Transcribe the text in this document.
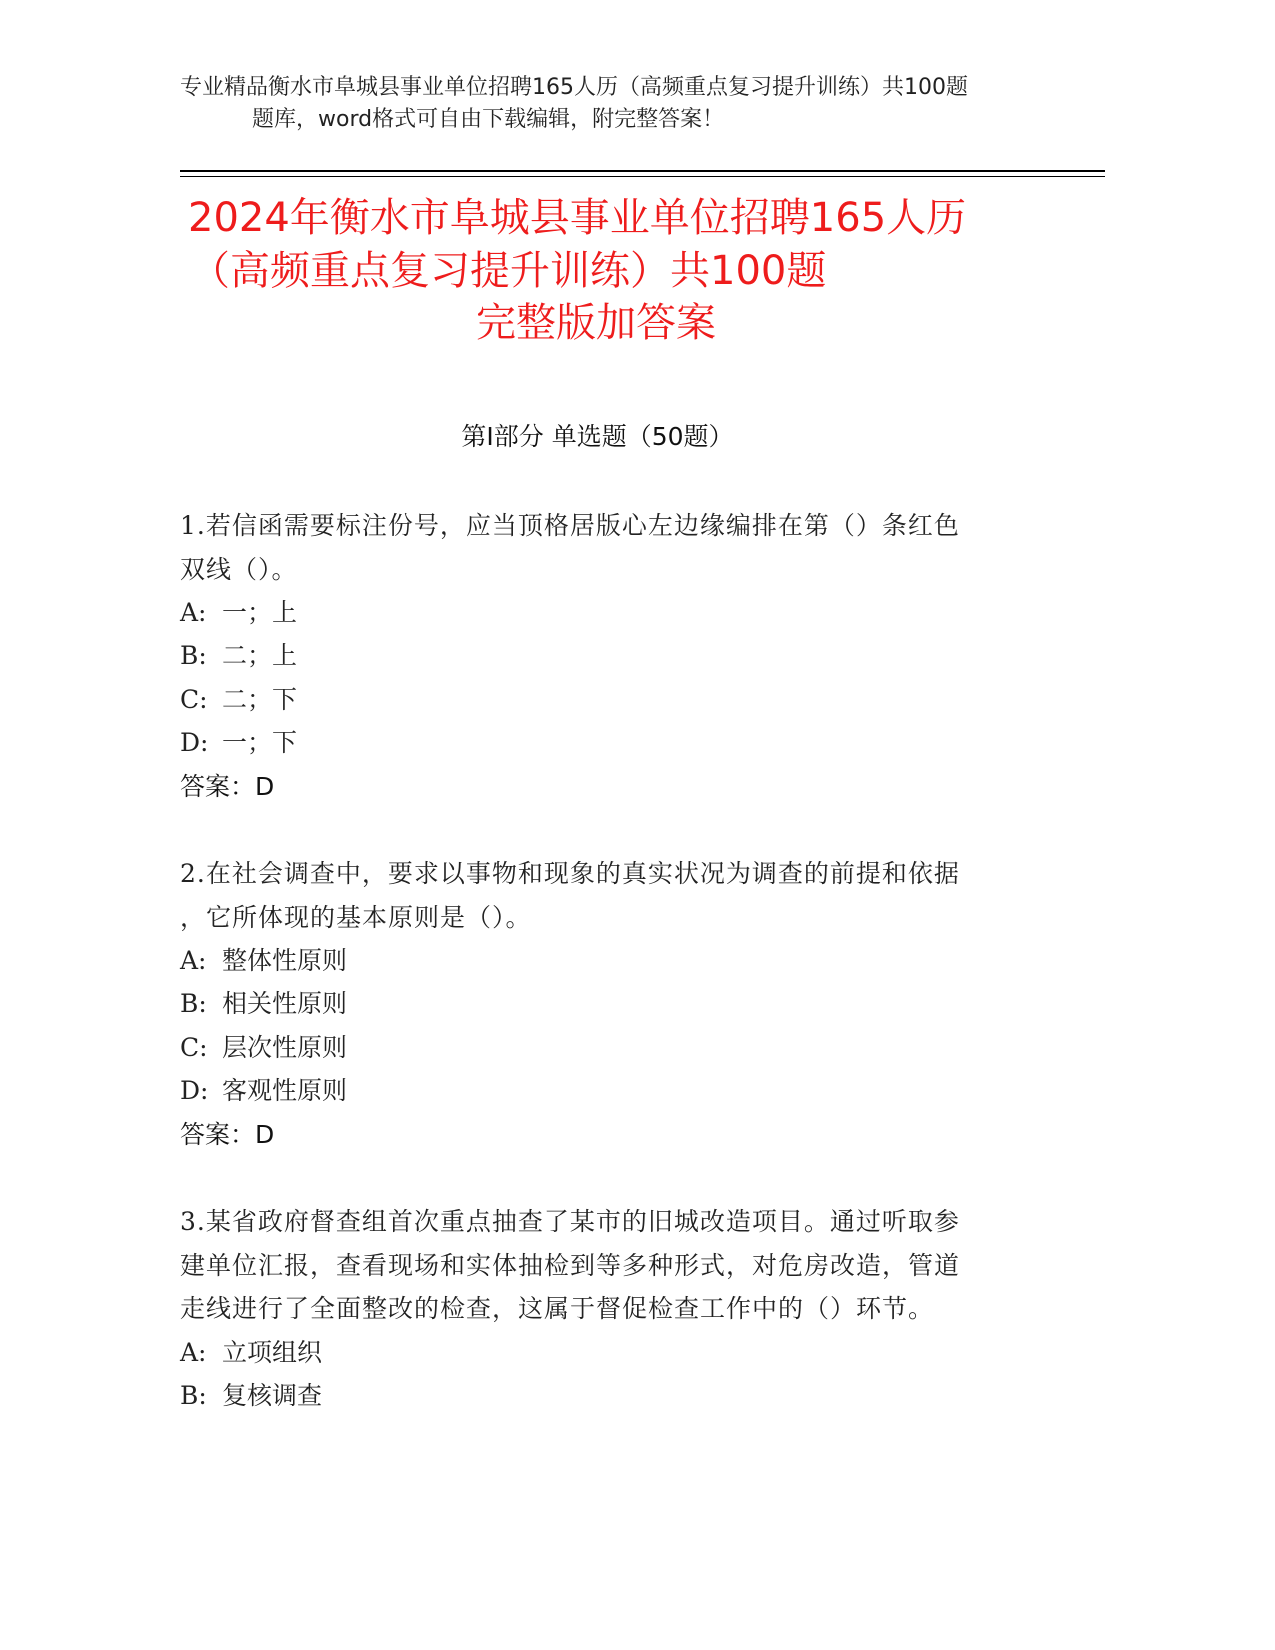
专业精品衡水市阜城县事业单位招聘165人历（高频重点复习提升训练）共100题
题库，word格式可自由下载编辑，附完整答案！
2024年衡水市阜城县事业单位招聘165人历
（高频重点复习提升训练）共100题
完整版加答案
第I部分 单选题（50题）
1.若信函需要标注份号，应当顶格居版心左边缘编排在第（）条红色
双线（）。
A: 一；上
B: 二；上
C: 二；下
D: 一；下
答案：D
2.在社会调查中，要求以事物和现象的真实状况为调查的前提和依据
，它所体现的基本原则是（）。
A: 整体性原则
B: 相关性原则
C: 层次性原则
D: 客观性原则
答案：D
3.某省政府督查组首次重点抽查了某市的旧城改造项目。通过听取参
建单位汇报，查看现场和实体抽检到等多种形式，对危房改造，管道
走线进行了全面整改的检查，这属于督促检查工作中的（）环节。
A: 立项组织
B: 复核调查
